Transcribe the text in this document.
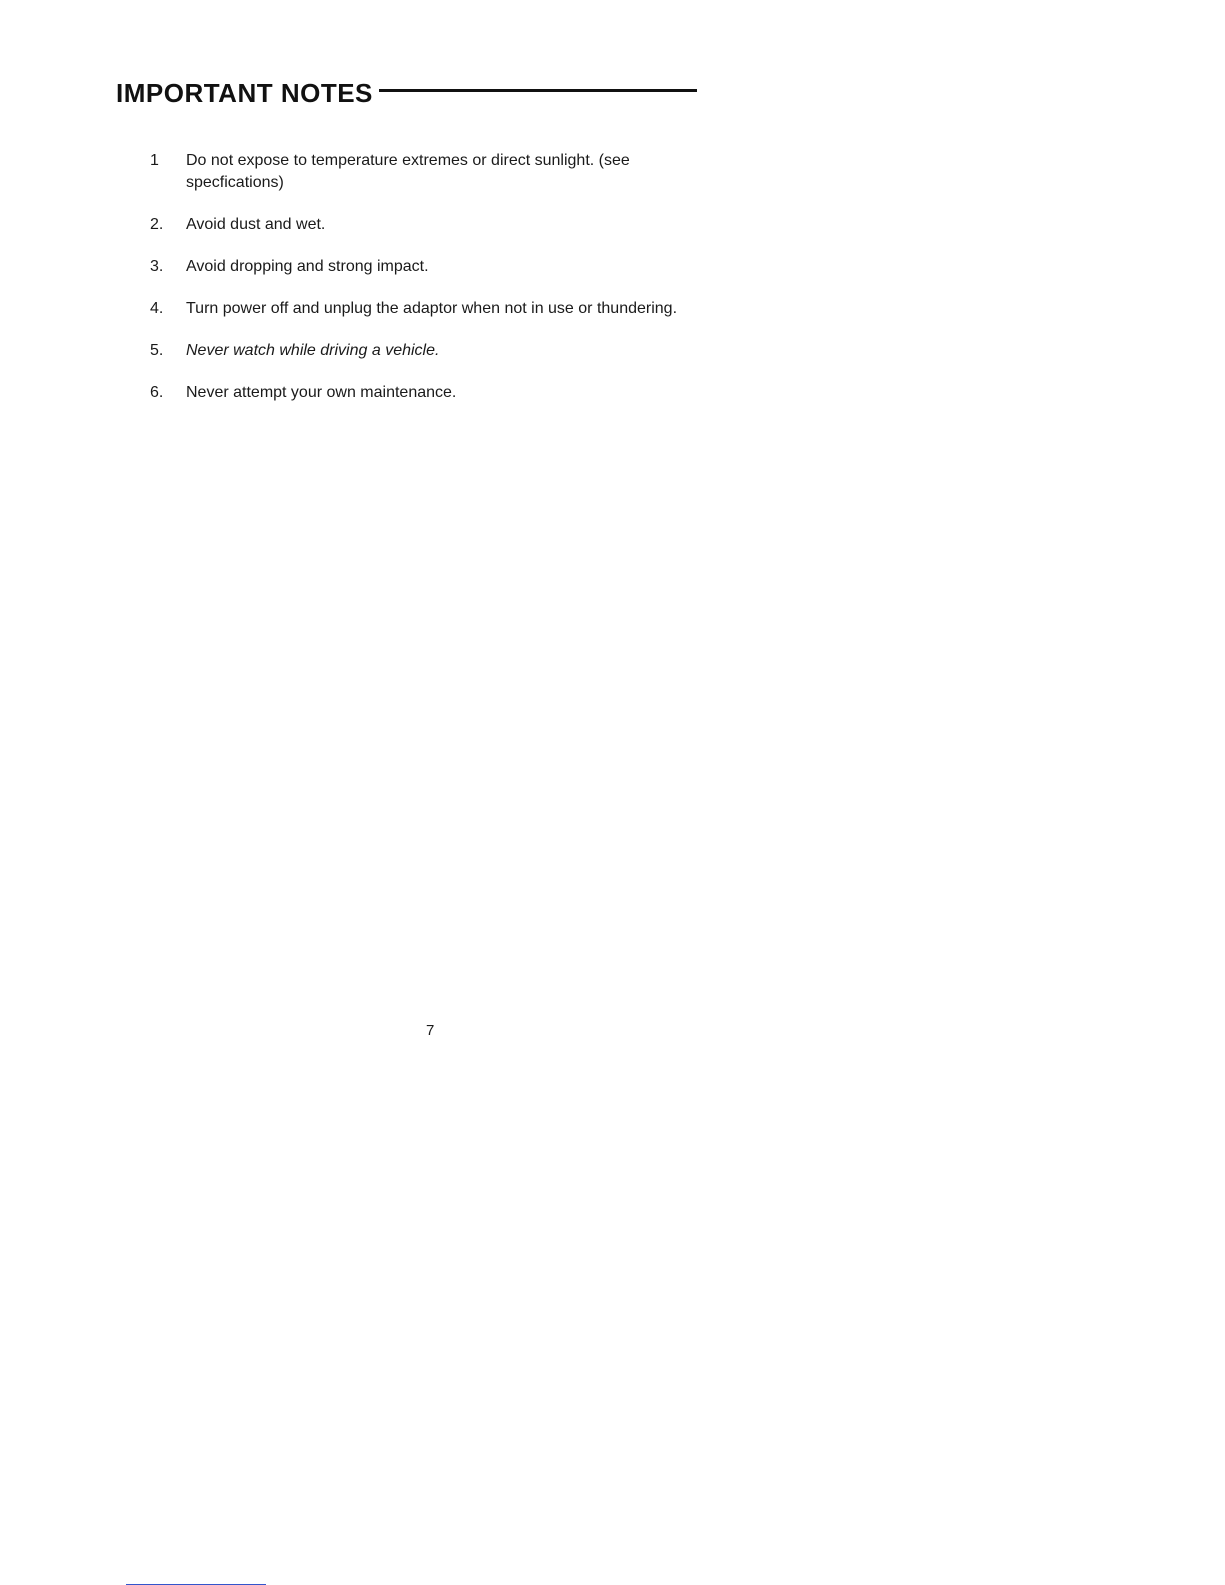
IMPORTANT NOTES
1 Do not expose to temperature extremes or direct sunlight. (see specfications)
2. Avoid dust and wet.
3. Avoid dropping and strong impact.
4. Turn power off and unplug the adaptor when not in use or thundering.
5. Never watch while driving a vehicle.
6. Never attempt your own maintenance.
7
